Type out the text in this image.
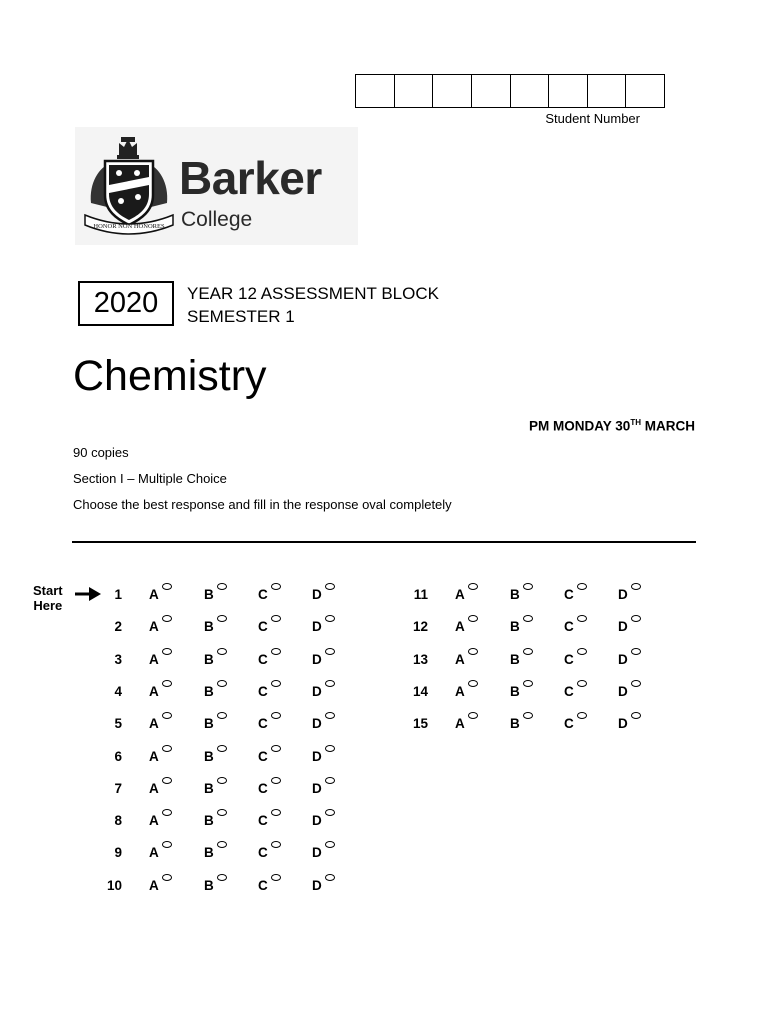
Student Number
HONOR NON HONORES
Barker
College
2020	YEAR 12 ASSESSMENT BLOCK
SEMESTER 1
Chemistry
PM MONDAY 30TH MARCH
90 copies
Section I – Multiple Choice
Choose the best response and fill in the response oval completely
Start
Here
1 A	B	C	D
2 A	B	C	D
3 A	B	C	D
4 A	B	C	D
5 A	B	C	D
6 A	B	C	D
7 A	B	C	D
8 A	B	C	D
9 A	B	C	D
10 A	B	C	D
11 A	B	C	D
12 A	B	C	D
13 A	B	C	D
14 A	B	C	D
15 A	B	C	D
